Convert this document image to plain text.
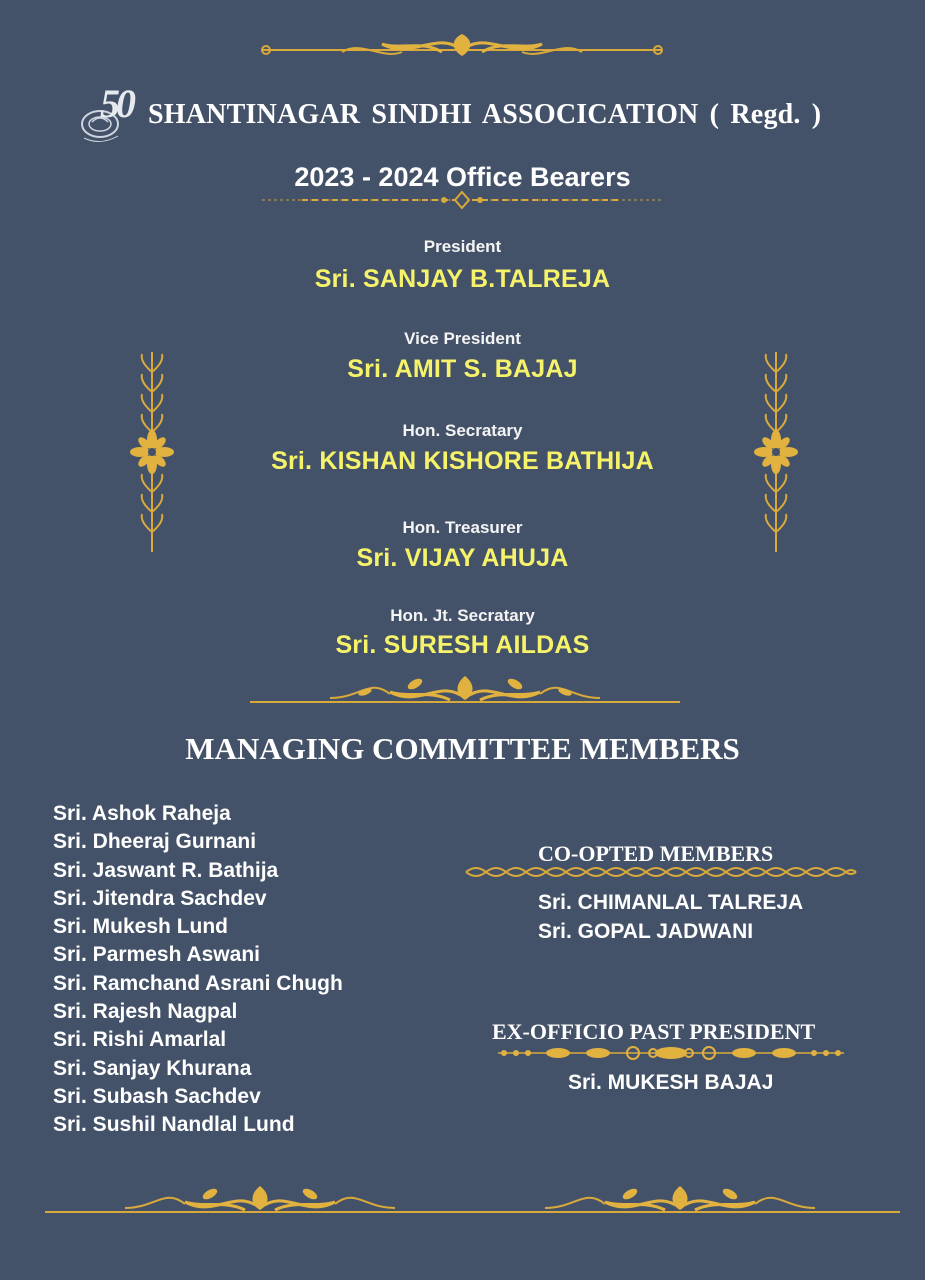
50 SHANTINAGAR SINDHI ASSOCICATION ( Regd. )
2023 - 2024 Office Bearers
President
Sri. SANJAY B.TALREJA
Vice President
Sri. AMIT S. BAJAJ
Hon. Secratary
Sri. KISHAN KISHORE BATHIJA
Hon. Treasurer
Sri. VIJAY AHUJA
Hon. Jt. Secratary
Sri. SURESH AILDAS
MANAGING COMMITTEE MEMBERS
Sri. Ashok Raheja
Sri. Dheeraj Gurnani
Sri. Jaswant R. Bathija
Sri. Jitendra Sachdev
Sri. Mukesh Lund
Sri. Parmesh Aswani
Sri. Ramchand Asrani Chugh
Sri. Rajesh Nagpal
Sri. Rishi Amarlal
Sri. Sanjay Khurana
Sri. Subash Sachdev
Sri. Sushil Nandlal Lund
CO-OPTED MEMBERS
Sri. CHIMANLAL TALREJA
Sri. GOPAL JADWANI
EX-OFFICIO PAST PRESIDENT
Sri. MUKESH BAJAJ
